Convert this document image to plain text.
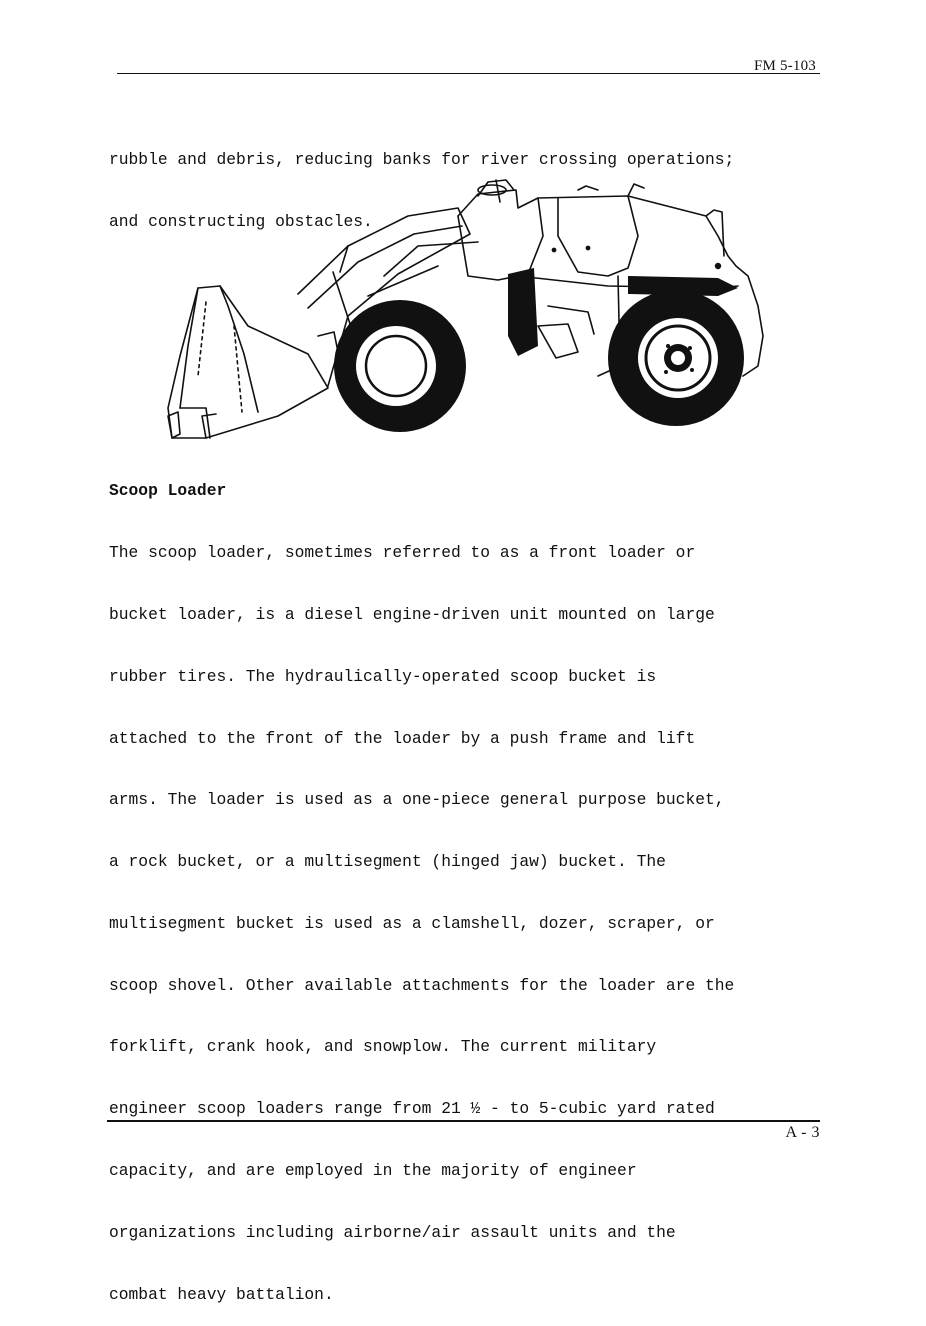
FM 5-103

rubble and debris, reducing banks for river crossing operations;

and constructing obstacles.

Scoop Loader

The scoop loader, sometimes referred to as a front loader or

bucket loader, is a diesel engine-driven unit mounted on large

rubber tires. The hydraulically-operated scoop bucket is

attached to the front of the loader by a push frame and lift

arms. The loader is used as a one-piece general purpose bucket,

a rock bucket, or a multisegment (hinged jaw) bucket. The

multisegment bucket is used as a clamshell, dozer, scraper, or

scoop shovel. Other available attachments for the loader are the

forklift, crank hook, and snowplow. The current military

engineer scoop loaders range from 21 ½ - to 5-cubic yard rated

capacity, and are employed in the majority of engineer

organizations including airborne/air assault units and the

combat heavy battalion.

A - 3
